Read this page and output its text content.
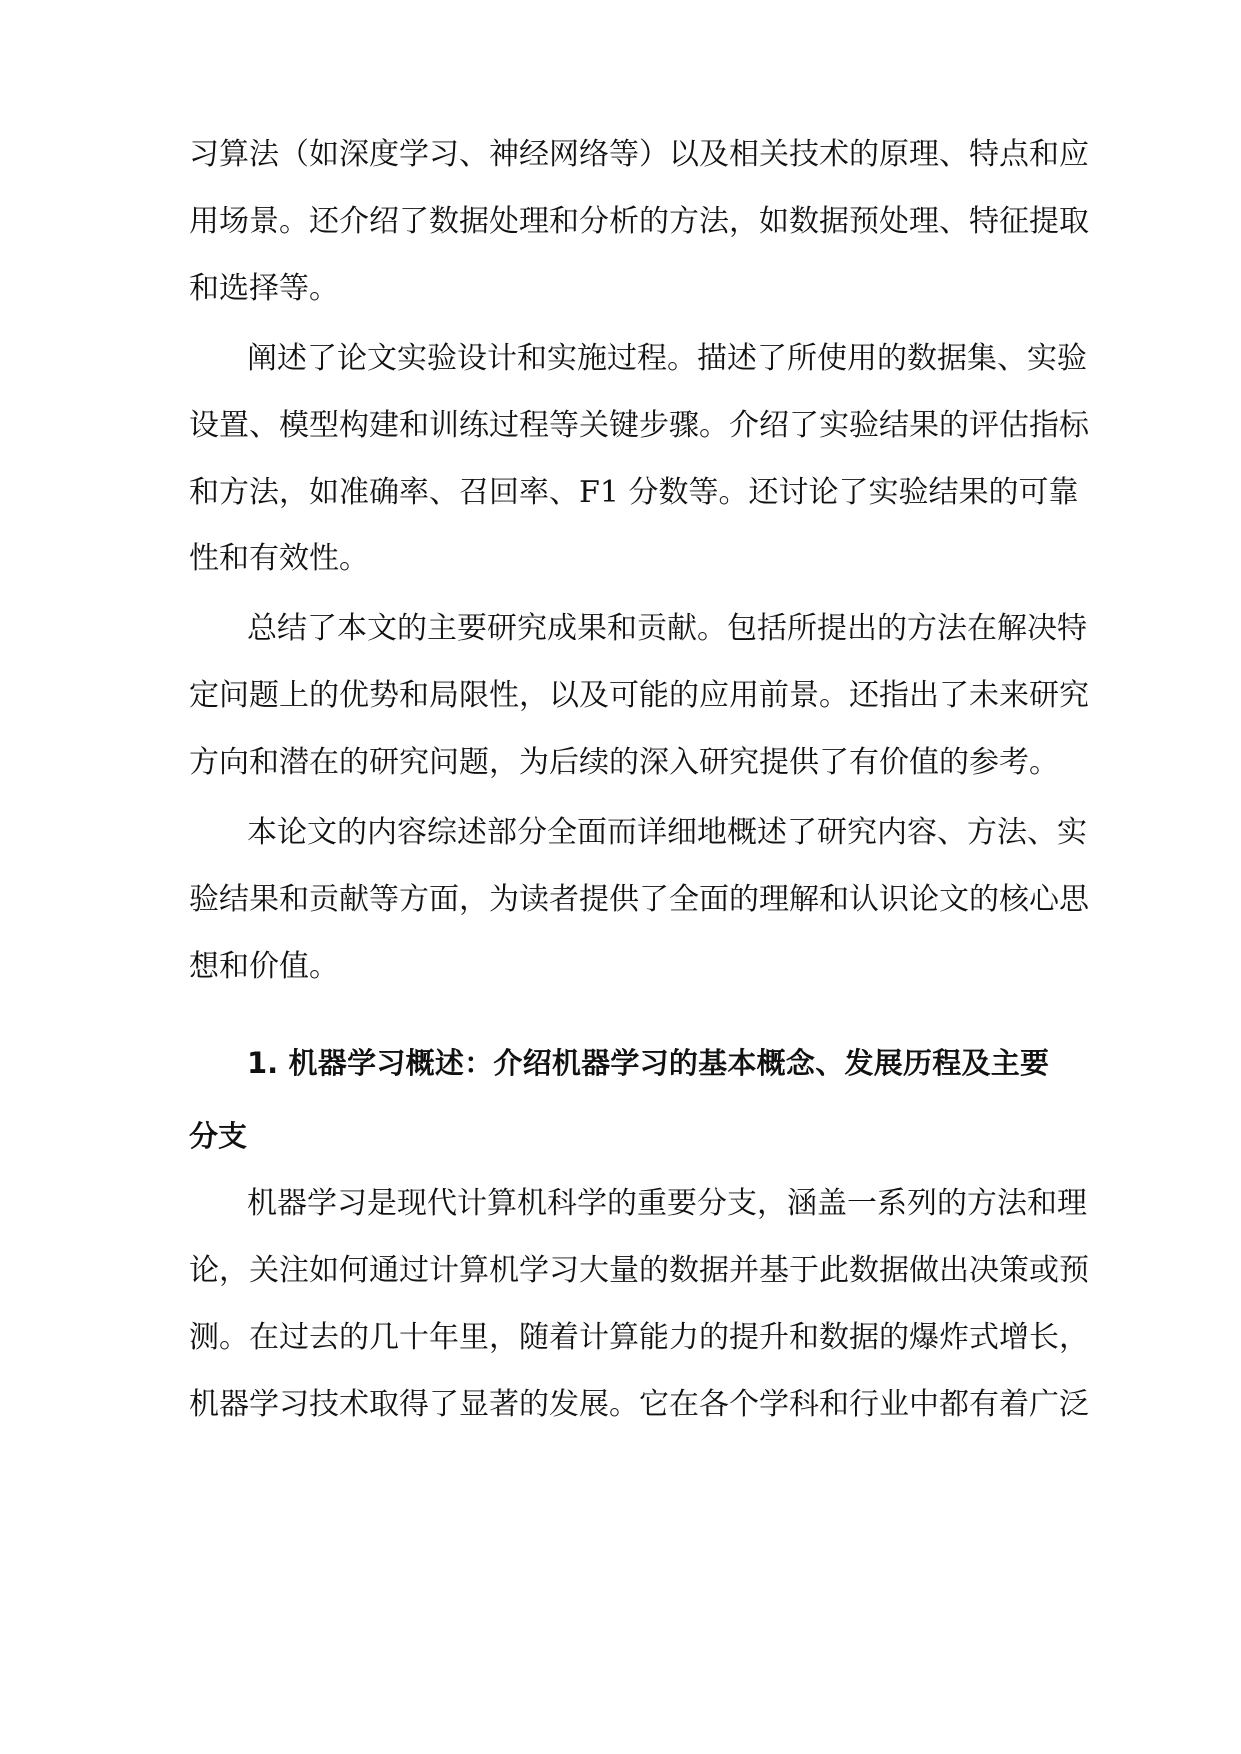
习算法（如深度学习、神经网络等）以及相关技术的原理、特点和应
用场景。还介绍了数据处理和分析的方法，如数据预处理、特征提取
和选择等。
阐述了论文实验设计和实施过程。描述了所使用的数据集、实验
设置、模型构建和训练过程等关键步骤。介绍了实验结果的评估指标
和方法，如准确率、召回率、F1 分数等。还讨论了实验结果的可靠
性和有效性。
总结了本文的主要研究成果和贡献。包括所提出的方法在解决特
定问题上的优势和局限性，以及可能的应用前景。还指出了未来研究
方向和潜在的研究问题，为后续的深入研究提供了有价值的参考。
本论文的内容综述部分全面而详细地概述了研究内容、方法、实
验结果和贡献等方面，为读者提供了全面的理解和认识论文的核心思
想和价值。
1. 机器学习概述：介绍机器学习的基本概念、发展历程及主要
分支
机器学习是现代计算机科学的重要分支，涵盖一系列的方法和理
论，关注如何通过计算机学习大量的数据并基于此数据做出决策或预
测。在过去的几十年里，随着计算能力的提升和数据的爆炸式增长，
机器学习技术取得了显著的发展。它在各个学科和行业中都有着广泛
